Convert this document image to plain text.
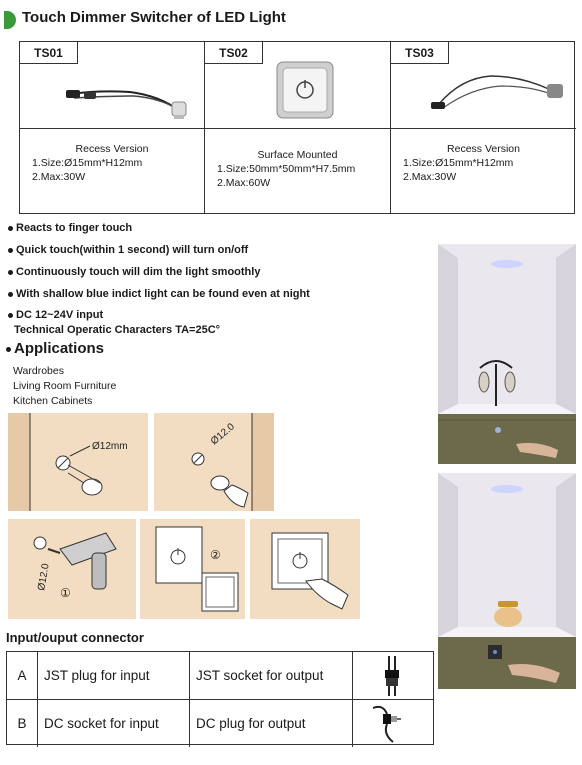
Touch Dimmer Switcher of LED Light
TS01
Recess Version
1.Size:Ø15mm*H12mm
2.Max:30W
TS02
Surface Mounted
1.Size:50mm*50mm*H7.5mm
2.Max:60W
TS03
Recess Version
1.Size:Ø15mm*H12mm
2.Max:30W
Reacts to finger touch
Quick touch(within 1 second) will turn on/off
Continuously touch will dim the light smoothly
With shallow blue indict light can be found even at night
DC 12~24V input
Technical Operatic Characters TA=25C°
Applications
Wardrobes
Living Room Furniture
Kitchen Cabinets
Ø12mm	Ø12.0
Ø12.0
①
②
Input/ouput connector
A	JST plug for input	JST socket for output
B	DC socket for input	DC plug for output
